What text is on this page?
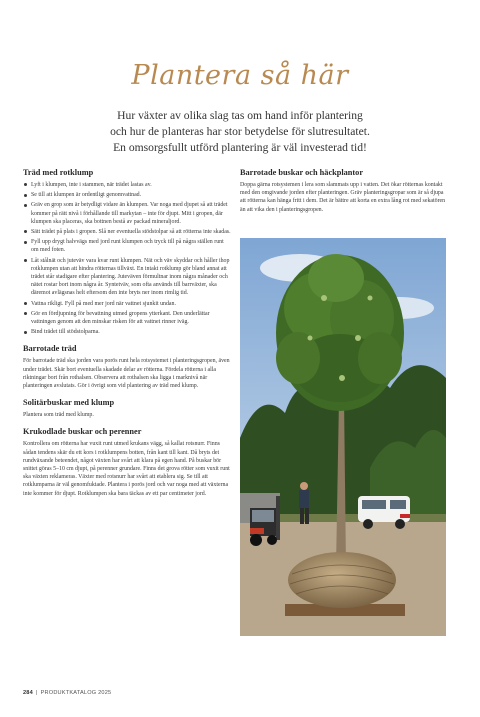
Plantera så här
Hur växter av olika slag tas om hand inför plantering
och hur de planteras har stor betydelse för slutresultatet.
En omsorgsfullt utförd plantering är väl investerad tid!
Träd med rotklump
Lyft i klumpen, inte i stammen, när trädet lastas av.
Se till att klumpen är ordentligt genomvattnad.
Gräv en grop som är betydligt vidare än klumpen. Var noga med djupet så att trädet kommer på rätt nivå i förhållande till markytan – inte för djupt. Mitt i gropen, där klumpen ska placeras, ska bottnen bestå av packad mineraljord.
Sätt trädet på plats i gropen. Slå ner eventuella stödstolpar så att rötterna inte skadas.
Fyll upp drygt halvvägs med jord runt klumpen och tryck till på några ställen runt om med foten.
Låt stålnät och juteväv vara kvar runt klumpen. Nät och väv skyddar och håller ihop rotklumpen utan att hindra rötternas tillväxt. En intakt rotklump gör bland annat att trädet står stadigare efter plantering. Juteväven förmultnar inom några månader och nätet rostar bort inom några år. Syntetväv, som ofta används till barrväxter, ska däremot avlägsnas helt eftersom den inte bryts ner inom rimlig tid.
Vattna rikligt. Fyll på med mer jord när vattnet sjunkit undan.
Gör en fördjupning för bevattning utmed gropens ytterkant. Den underlättar vattningen genom att den minskar risken för att vattnet rinner iväg.
Bind trädet till stödstolparna.
Barrotade träd

För barrotade träd ska jorden vara porös runt hela rotsystemet i planteringsgropen, även under trädet. Skär bort eventuella skadade delar av rötterna. Fördela rötterna i alla riktningar bort från rothalsen. Observera att rothalsen ska ligga i marknivå när planteringen avslutats. Gör i övrigt som vid plantering av träd med klump.

Solitärbuskar med klump

Plantera som träd med klump.

Krukodlade buskar och perenner

Kontrollera om rötterna har vuxit runt utmed krukans vägg, så kallat rotsnurr. Finns sådan tendens skär du ett kors i rotklumpens botten, från kant till kant. Då bryts det rundväxande beteendet, något växten har svårt att klara på egen hand. På buskar bör snittet göras 5–10 cm djupt, på perenner grundare. Finns det grova rötter som vuxit runt ska växten reklameras. Växter med rotsnurr har svårt att etablera sig. Se till att rotklumparna är väl genomfuktade. Plantera i porös jord och var noga med att växterna inte kommer för djupt. Rotklumpen ska bara täckas av ett par centimeter jord.

Barrotade buskar och häckplantor

Doppa gärna rotsystemen i lera som slammats upp i vatten. Det ökar rötternas kontakt med den omgivande jorden efter planteringen. Gräv planteringsgropar som är så djupa att rötterna kan hänga fritt i dem. Det är bättre att korta en extra lång rot med sekatören än att vika den i planteringsgropen.

284 | PRODUKTKATALOG 2025
